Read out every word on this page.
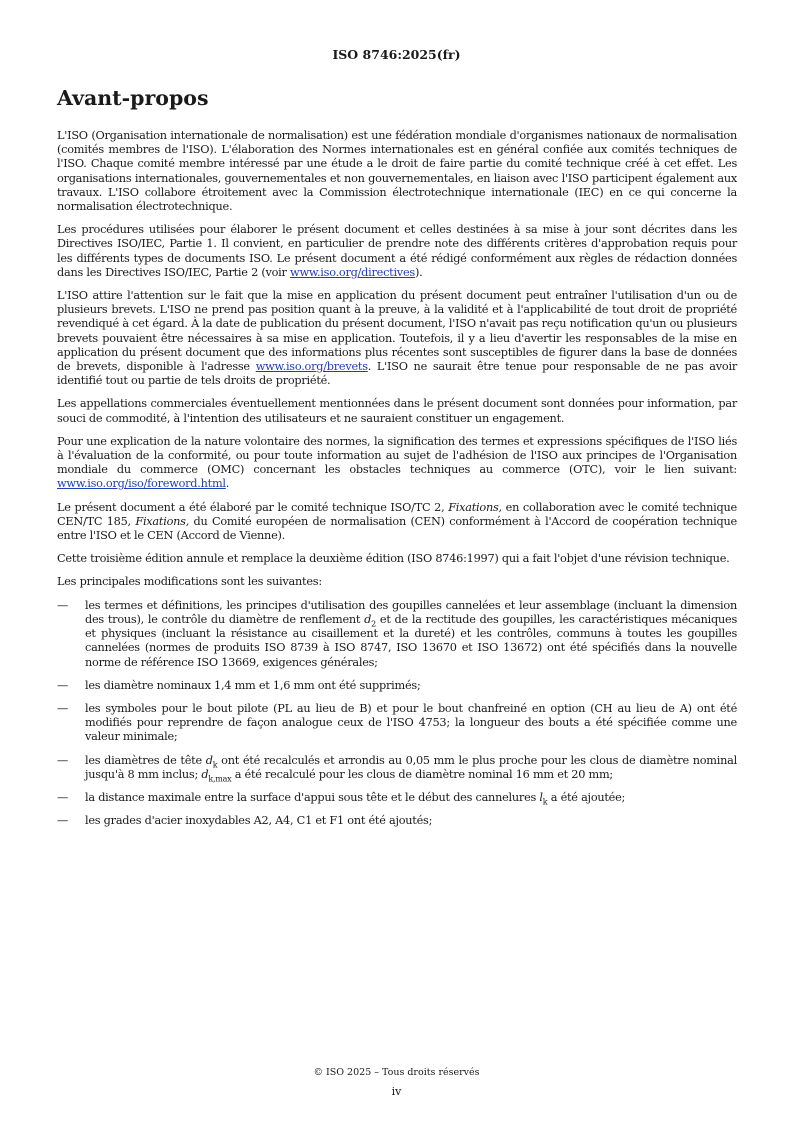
ISO 8746:2025(fr)
Avant-propos

L'ISO (Organisation internationale de normalisation) est une fédération mondiale d'organismes nationaux de normalisation (comités membres de l'ISO). L'élaboration des Normes internationales est en général confiée aux comités techniques de l'ISO. Chaque comité membre intéressé par une étude a le droit de faire partie du comité technique créé à cet effet. Les organisations internationales, gouvernementales et non gouvernementales, en liaison avec l'ISO participent également aux travaux. L'ISO collabore étroitement avec la Commission électrotechnique internationale (IEC) en ce qui concerne la normalisation électrotechnique.

Les procédures utilisées pour élaborer le présent document et celles destinées à sa mise à jour sont décrites dans les Directives ISO/IEC, Partie 1. Il convient, en particulier de prendre note des différents critères d'approbation requis pour les différents types de documents ISO. Le présent document a été rédigé conformément aux règles de rédaction données dans les Directives ISO/IEC, Partie 2 (voir www.iso.org/directives).

L'ISO attire l'attention sur le fait que la mise en application du présent document peut entraîner l'utilisation d'un ou de plusieurs brevets. L'ISO ne prend pas position quant à la preuve, à la validité et à l'applicabilité de tout droit de propriété revendiqué à cet égard. À la date de publication du présent document, l'ISO n'avait pas reçu notification qu'un ou plusieurs brevets pouvaient être nécessaires à sa mise en application. Toutefois, il y a lieu d'avertir les responsables de la mise en application du présent document que des informations plus récentes sont susceptibles de figurer dans la base de données de brevets, disponible à l'adresse www.iso.org/brevets. L'ISO ne saurait être tenue pour responsable de ne pas avoir identifié tout ou partie de tels droits de propriété.

Les appellations commerciales éventuellement mentionnées dans le présent document sont données pour information, par souci de commodité, à l'intention des utilisateurs et ne sauraient constituer un engagement.

Pour une explication de la nature volontaire des normes, la signification des termes et expressions spécifiques de l'ISO liés à l'évaluation de la conformité, ou pour toute information au sujet de l'adhésion de l'ISO aux principes de l'Organisation mondiale du commerce (OMC) concernant les obstacles techniques au commerce (OTC), voir le lien suivant: www.iso.org/iso/foreword.html.

Le présent document a été élaboré par le comité technique ISO/TC 2, Fixations, en collaboration avec le comité technique CEN/TC 185, Fixations, du Comité européen de normalisation (CEN) conformément à l'Accord de coopération technique entre l'ISO et le CEN (Accord de Vienne).

Cette troisième édition annule et remplace la deuxième édition (ISO 8746:1997) qui a fait l'objet d'une révision technique.

Les principales modifications sont les suivantes:

— les termes et définitions, les principes d'utilisation des goupilles cannelées et leur assemblage (incluant la dimension des trous), le contrôle du diamètre de renflement $d_2$ et de la rectitude des goupilles, les caractéristiques mécaniques et physiques (incluant la résistance au cisaillement et la dureté) et les contrôles, communs à toutes les goupilles cannelées (normes de produits ISO 8739 à ISO 8747, ISO 13670 et ISO 13672) ont été spécifiés dans la nouvelle norme de référence ISO 13669, exigences générales;
— les diamètre nominaux 1,4 mm et 1,6 mm ont été supprimés;
— les symboles pour le bout pilote (PL au lieu de B) et pour le bout chanfreiné en option (CH au lieu de A) ont été modifiés pour reprendre de façon analogue ceux de l'ISO 4753; la longueur des bouts a été spécifiée comme une valeur minimale;
— les diamètres de tête $d_k$ ont été recalculés et arrondis au 0,05 mm le plus proche pour les clous de diamètre nominal jusqu'à 8 mm inclus; $d_{k,max}$ a été recalculé pour les clous de diamètre nominal 16 mm et 20 mm;
— la distance maximale entre la surface d'appui sous tête et le début des cannelures $l_k$ a été ajoutée;
— les grades d'acier inoxydables A2, A4, C1 et F1 ont été ajoutés;
© ISO 2025 – Tous droits réservés
iv
